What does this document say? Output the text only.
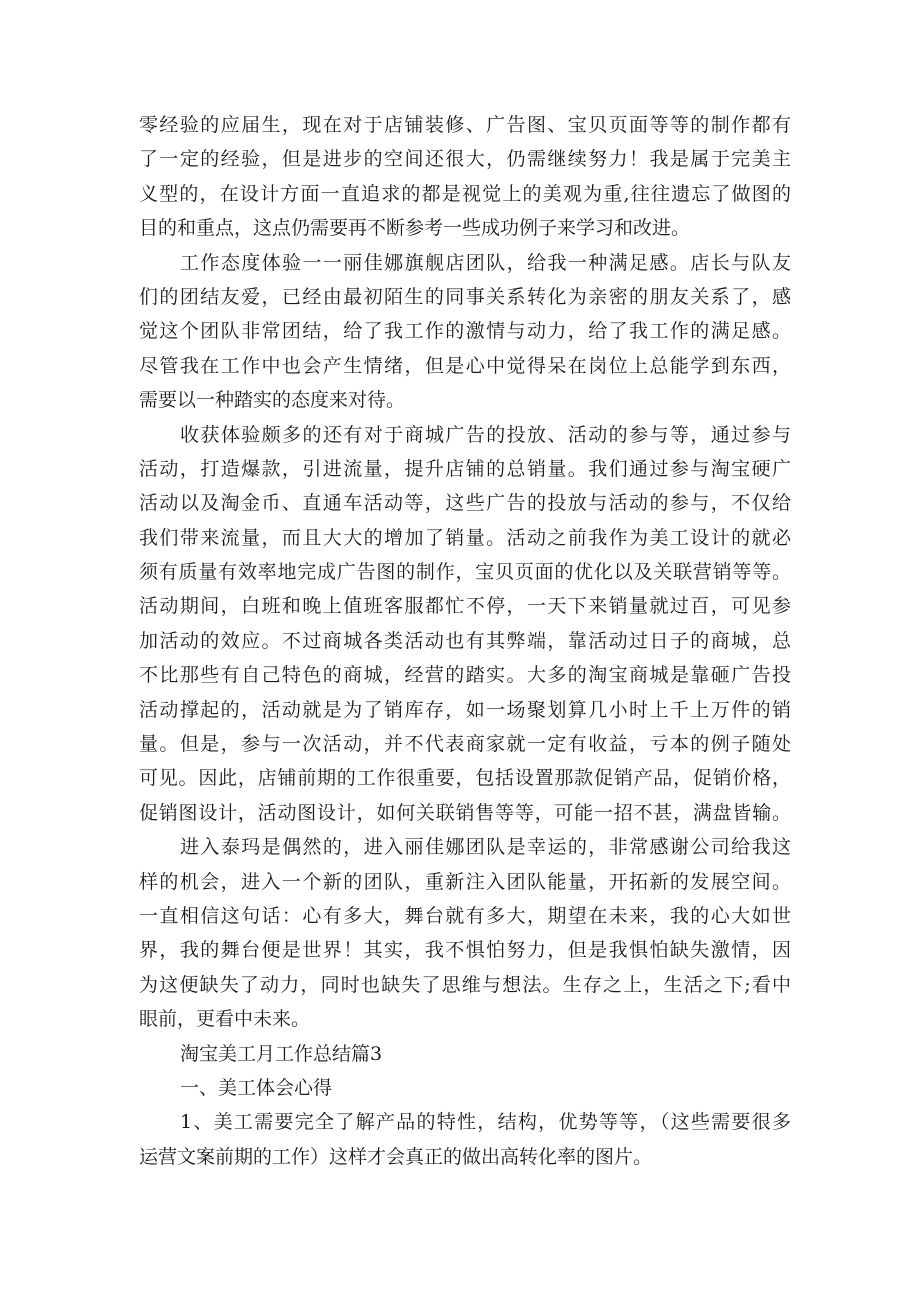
零经验的应届生，现在对于店铺装修、广告图、宝贝页面等等的制作都有
了一定的经验，但是进步的空间还很大，仍需继续努力！我是属于完美主
义型的，在设计方面一直追求的都是视觉上的美观为重,往往遗忘了做图的
目的和重点，这点仍需要再不断参考一些成功例子来学习和改进。
工作态度体验一一丽佳娜旗舰店团队，给我一种满足感。店长与队友
们的团结友爱，已经由最初陌生的同事关系转化为亲密的朋友关系了，感
觉这个团队非常团结，给了我工作的激情与动力，给了我工作的满足感。
尽管我在工作中也会产生情绪，但是心中觉得呆在岗位上总能学到东西，
需要以一种踏实的态度来对待。
收获体验颇多的还有对于商城广告的投放、活动的参与等，通过参与
活动，打造爆款，引进流量，提升店铺的总销量。我们通过参与淘宝硬广
活动以及淘金币、直通车活动等，这些广告的投放与活动的参与，不仅给
我们带来流量，而且大大的增加了销量。活动之前我作为美工设计的就必
须有质量有效率地完成广告图的制作，宝贝页面的优化以及关联营销等等。
活动期间，白班和晚上值班客服都忙不停，一天下来销量就过百，可见参
加活动的效应。不过商城各类活动也有其弊端，靠活动过日子的商城，总
不比那些有自己特色的商城，经营的踏实。大多的淘宝商城是靠砸广告投
活动撑起的，活动就是为了销库存，如一场聚划算几小时上千上万件的销
量。但是，参与一次活动，并不代表商家就一定有收益，亏本的例子随处
可见。因此，店铺前期的工作很重要，包括设置那款促销产品，促销价格，
促销图设计，活动图设计，如何关联销售等等，可能一招不甚，满盘皆输。
进入泰玛是偶然的，进入丽佳娜团队是幸运的，非常感谢公司给我这
样的机会，进入一个新的团队，重新注入团队能量，开拓新的发展空间。
一直相信这句话：心有多大，舞台就有多大，期望在未来，我的心大如世
界，我的舞台便是世界！其实，我不惧怕努力，但是我惧怕缺失激情，因
为这便缺失了动力，同时也缺失了思维与想法。生存之上，生活之下;看中
眼前，更看中未来。
淘宝美工月工作总结篇3
一、美工体会心得
1、美工需要完全了解产品的特性，结构，优势等等，（这些需要很多
运营文案前期的工作）这样才会真正的做出高转化率的图片。
